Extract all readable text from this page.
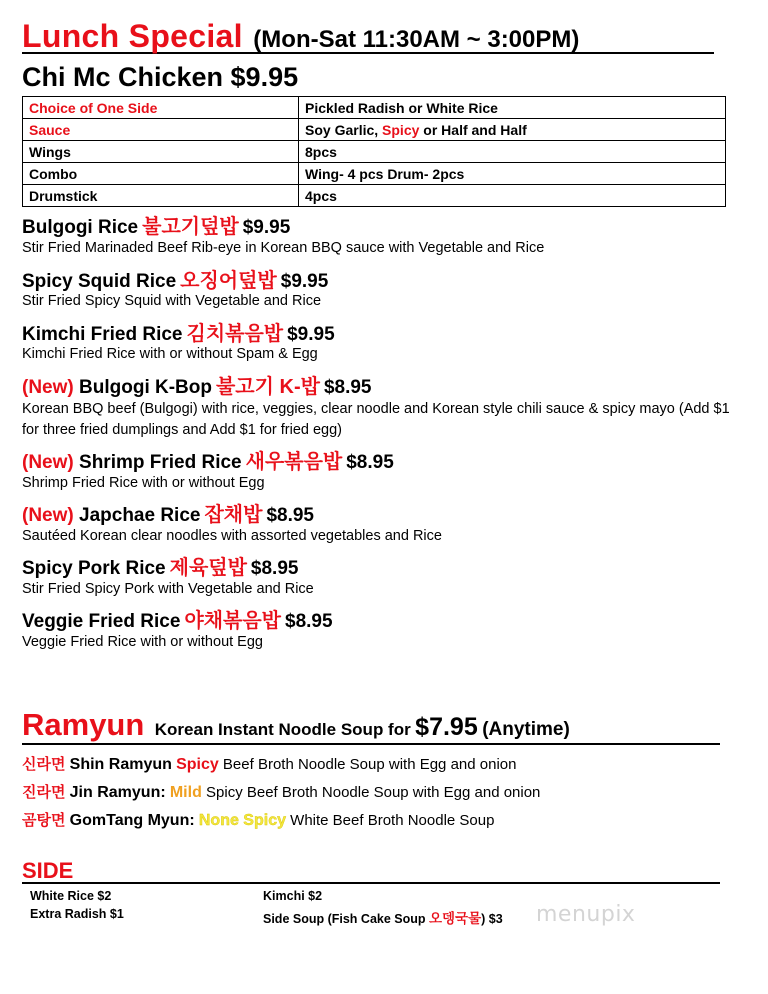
Lunch Special (Mon-Sat 11:30AM ~ 3:00PM)
Chi Mc Chicken $9.95
Choice of One Side	Pickled Radish or White Rice
Sauce	Soy Garlic, Spicy or Half and Half
Wings	8pcs
Combo	Wing- 4 pcs Drum- 2pcs
Drumstick	4pcs
Bulgogi Rice 불고기덮밥 $9.95
Stir Fried Marinaded Beef Rib-eye in Korean BBQ sauce with Vegetable and Rice
Spicy Squid Rice 오징어덮밥 $9.95
Stir Fried Spicy Squid with Vegetable and Rice
Kimchi Fried Rice 김치볶음밥 $9.95
Kimchi Fried Rice with or without Spam & Egg
(New) Bulgogi K-Bop 불고기 K-밥 $8.95
Korean BBQ beef (Bulgogi) with rice, veggies, clear noodle and Korean style chili sauce & spicy mayo (Add $1 for three fried dumplings and Add $1 for fried egg)
(New) Shrimp Fried Rice 새우볶음밥 $8.95
Shrimp Fried Rice with or without Egg
(New) Japchae Rice 잡채밥 $8.95
Sautéed Korean clear noodles with assorted vegetables and Rice
Spicy Pork Rice 제육덮밥 $8.95
Stir Fried Spicy Pork with Vegetable and Rice
Veggie Fried Rice 야채볶음밥 $8.95
Veggie Fried Rice with or without Egg
Ramyun Korean Instant Noodle Soup for $7.95 (Anytime)
신라면 Shin Ramyun Spicy Beef Broth Noodle Soup with Egg and onion
진라면 Jin Ramyun: Mild Spicy Beef Broth Noodle Soup with Egg and onion
곰탕면 GomTang Myun: None Spicy White Beef Broth Noodle Soup
SIDE
White Rice $2
Extra Radish $1
Kimchi $2
Side Soup (Fish Cake Soup 오뎅국물) $3 menupix
